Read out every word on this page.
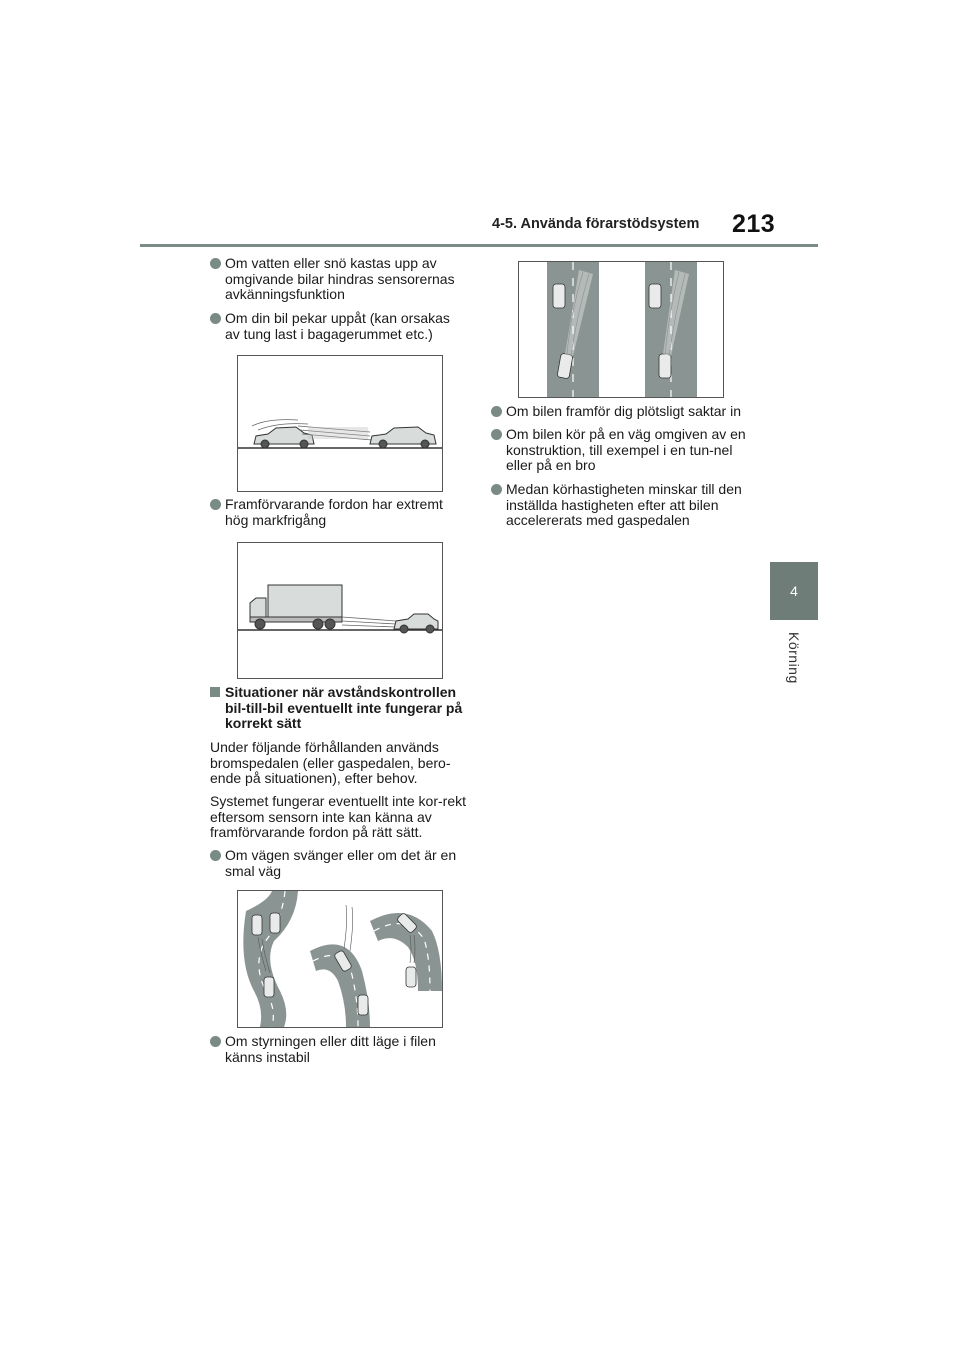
4-5. Använda förarstödsystem 213
4
Körning

Om vatten eller snö kastas upp av omgivande bilar hindras sensorernas avkänningsfunktion

Om din bil pekar uppåt (kan orsakas av tung last i bagagerummet etc.)

Framförvarande fordon har extremt hög markfrigång

Situationer när avståndskontrollen bil-till-bil eventuellt inte fungerar på korrekt sätt

Under följande förhållanden används bromspedalen (eller gaspedalen, bero-ende på situationen), efter behov.

Systemet fungerar eventuellt inte kor-rekt eftersom sensorn inte kan känna av framförvarande fordon på rätt sätt.

Om vägen svänger eller om det är en smal väg

Om styrningen eller ditt läge i filen känns instabil

Om bilen framför dig plötsligt saktar in

Om bilen kör på en väg omgiven av en konstruktion, till exempel i en tun-nel eller på en bro

Medan körhastigheten minskar till den inställda hastigheten efter att bilen accelererats med gaspedalen
